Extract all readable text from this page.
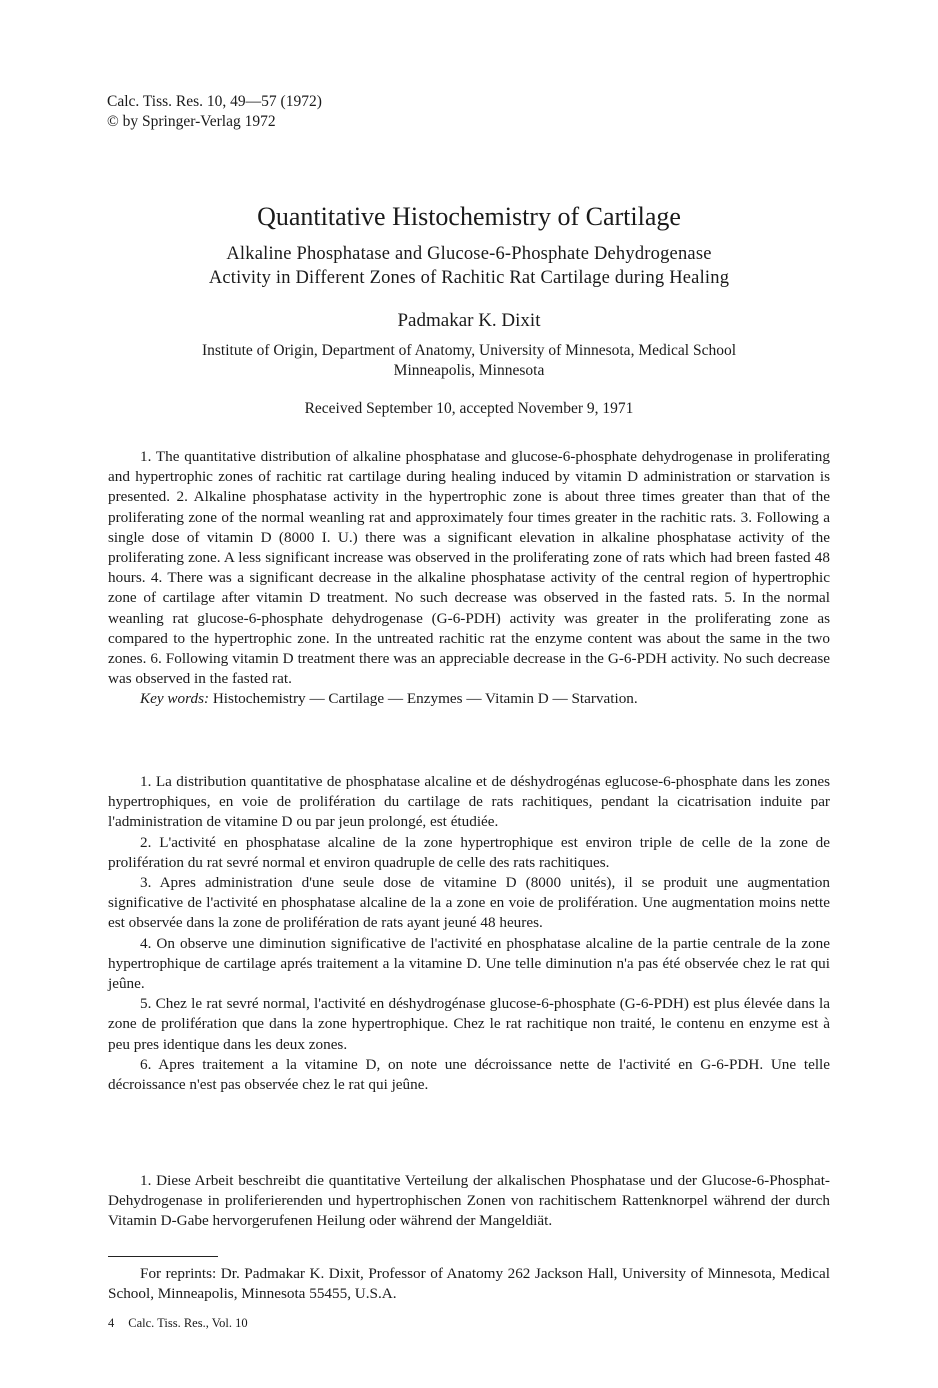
Calc. Tiss. Res. 10, 49—57 (1972)
© by Springer-Verlag 1972
Quantitative Histochemistry of Cartilage
Alkaline Phosphatase and Glucose-6-Phosphate Dehydrogenase
Activity in Different Zones of Rachitic Rat Cartilage during Healing
Padmakar K. Dixit
Institute of Origin, Department of Anatomy, University of Minnesota, Medical School
Minneapolis, Minnesota
Received September 10, accepted November 9, 1971

1. The quantitative distribution of alkaline phosphatase and glucose-6-phosphate dehydrogenase in proliferating and hypertrophic zones of rachitic rat cartilage during healing induced by vitamin D administration or starvation is presented. 2. Alkaline phosphatase activity in the hypertrophic zone is about three times greater than that of the proliferating zone of the normal weanling rat and approximately four times greater in the rachitic rats. 3. Following a single dose of vitamin D (8000 I. U.) there was a significant elevation in alkaline phosphatase activity of the proliferating zone. A less significant increase was observed in the proliferating zone of rats which had breen fasted 48 hours. 4. There was a significant decrease in the alkaline phosphatase activity of the central region of hypertrophic zone of cartilage after vitamin D treatment. No such decrease was observed in the fasted rats. 5. In the normal weanling rat glucose-6-phosphate dehydrogenase (G-6-PDH) activity was greater in the proliferating zone as compared to the hypertrophic zone. In the untreated rachitic rat the enzyme content was about the same in the two zones. 6. Following vitamin D treatment there was an appreciable decrease in the G-6-PDH activity. No such decrease was observed in the fasted rat.

Key words: Histochemistry — Cartilage — Enzymes — Vitamin D — Starvation.

1. La distribution quantitative de phosphatase alcaline et de déshydrogénas eglucose-6-phosphate dans les zones hypertrophiques, en voie de prolifération du cartilage de rats rachitiques, pendant la cicatrisation induite par l'administration de vitamine D ou par jeun prolongé, est étudiée.

2. L'activité en phosphatase alcaline de la zone hypertrophique est environ triple de celle de la zone de prolifération du rat sevré normal et environ quadruple de celle des rats rachitiques.

3. Apres administration d'une seule dose de vitamine D (8000 unités), il se produit une augmentation significative de l'activité en phosphatase alcaline de la a zone en voie de prolifération. Une augmentation moins nette est observée dans la zone de prolifération de rats ayant jeuné 48 heures.

4. On observe une diminution significative de l'activité en phosphatase alcaline de la partie centrale de la zone hypertrophique de cartilage aprés traitement a la vitamine D. Une telle diminution n'a pas été observée chez le rat qui jeûne.

5. Chez le rat sevré normal, l'activité en déshydrogénase glucose-6-phosphate (G-6-PDH) est plus élevée dans la zone de prolifération que dans la zone hypertrophique. Chez le rat rachitique non traité, le contenu en enzyme est à peu pres identique dans les deux zones.

6. Apres traitement a la vitamine D, on note une décroissance nette de l'activité en G-6-PDH. Une telle décroissance n'est pas observée chez le rat qui jeûne.

1. Diese Arbeit beschreibt die quantitative Verteilung der alkalischen Phosphatase und der Glucose-6-Phosphat-Dehydrogenase in proliferierenden und hypertrophischen Zonen von rachitischem Rattenknorpel während der durch Vitamin D-Gabe hervorgerufenen Heilung oder während der Mangeldiät.

For reprints: Dr. Padmakar K. Dixit, Professor of Anatomy 262 Jackson Hall, University of Minnesota, Medical School, Minneapolis, Minnesota 55455, U.S.A.

4 Calc. Tiss. Res., Vol. 10
